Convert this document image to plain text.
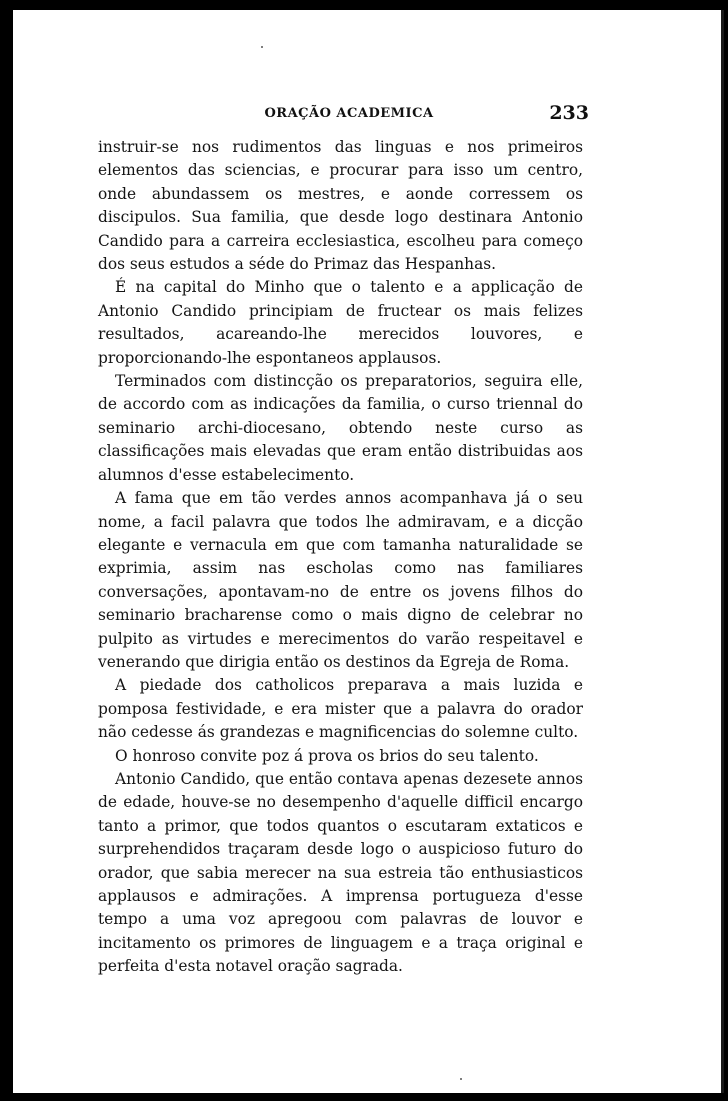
ORAÇÃO ACADEMICA	233

instruir-se nos rudimentos das linguas e nos primeiros elementos das sciencias, e procurar para isso um centro, onde abundassem os mestres, e aonde corressem os discipulos. Sua familia, que desde logo destinara Antonio Candido para a carreira ecclesiastica, escolheu para começo dos seus estudos a séde do Primaz das Hespanhas.

É na capital do Minho que o talento e a applicação de Antonio Candido principiam de fructear os mais felizes resultados, acareando-lhe merecidos louvores, e proporcionando-lhe espontaneos applausos.

Terminados com distincção os preparatorios, seguira elle, de accordo com as indicações da familia, o curso triennal do seminario archi-diocesano, obtendo neste curso as classificações mais elevadas que eram então distribuidas aos alumnos d'esse estabelecimento.

A fama que em tão verdes annos acompanhava já o seu nome, a facil palavra que todos lhe admiravam, e a dicção elegante e vernacula em que com tamanha naturalidade se exprimia, assim nas escholas como nas familiares conversações, apontavam-no de entre os jovens filhos do seminario bracharense como o mais digno de celebrar no pulpito as virtudes e merecimentos do varão respeitavel e venerando que dirigia então os destinos da Egreja de Roma.

A piedade dos catholicos preparava a mais luzida e pomposa festividade, e era mister que a palavra do orador não cedesse ás grandezas e magnificencias do solemne culto.

O honroso convite poz á prova os brios do seu talento.

Antonio Candido, que então contava apenas dezesete annos de edade, houve-se no desempenho d'aquelle difficil encargo tanto a primor, que todos quantos o escutaram extaticos e surprehendidos traçaram desde logo o auspicioso futuro do orador, que sabia merecer na sua estreia tão enthusiasticos applausos e admirações. A imprensa portugueza d'esse tempo a uma voz apregoou com palavras de louvor e incitamento os primores de linguagem e a traça original e perfeita d'esta notavel oração sagrada.
